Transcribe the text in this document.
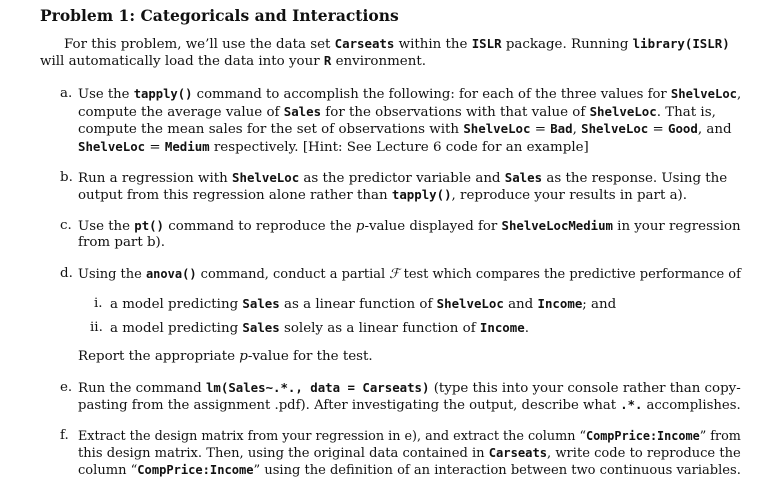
Problem 1: Categoricals and Interactions
For this problem, we’ll use the data set Carseats within the ISLR package. Running library(ISLR)
will automatically load the data into your R environment.
a. Use the tapply() command to accomplish the following: for each of the three values for ShelveLoc,
compute the average value of Sales for the observations with that value of ShelveLoc. That is,
compute the mean sales for the set of observations with ShelveLoc = Bad, ShelveLoc = Good, and
ShelveLoc = Medium respectively. [Hint: See Lecture 6 code for an example]
b. Run a regression with ShelveLoc as the predictor variable and Sales as the response. Using the
output from this regression alone rather than tapply(), reproduce your results in part a).
c. Use the pt() command to reproduce the p-value displayed for ShelveLocMedium in your regression
from part b).
d. Using the anova() command, conduct a partial ℱ test which compares the predictive performance of
i. a model predicting Sales as a linear function of ShelveLoc and Income; and
ii. a model predicting Sales solely as a linear function of Income.
Report the appropriate p-value for the test.
e. Run the command lm(Sales~.*., data = Carseats) (type this into your console rather than copy-
pasting from the assignment .pdf). After investigating the output, describe what .*. accomplishes.
f. Extract the design matrix from your regression in e), and extract the column “CompPrice:Income” from
this design matrix. Then, using the original data contained in Carseats, write code to reproduce the
column “CompPrice:Income” using the definition of an interaction between two continuous variables.
